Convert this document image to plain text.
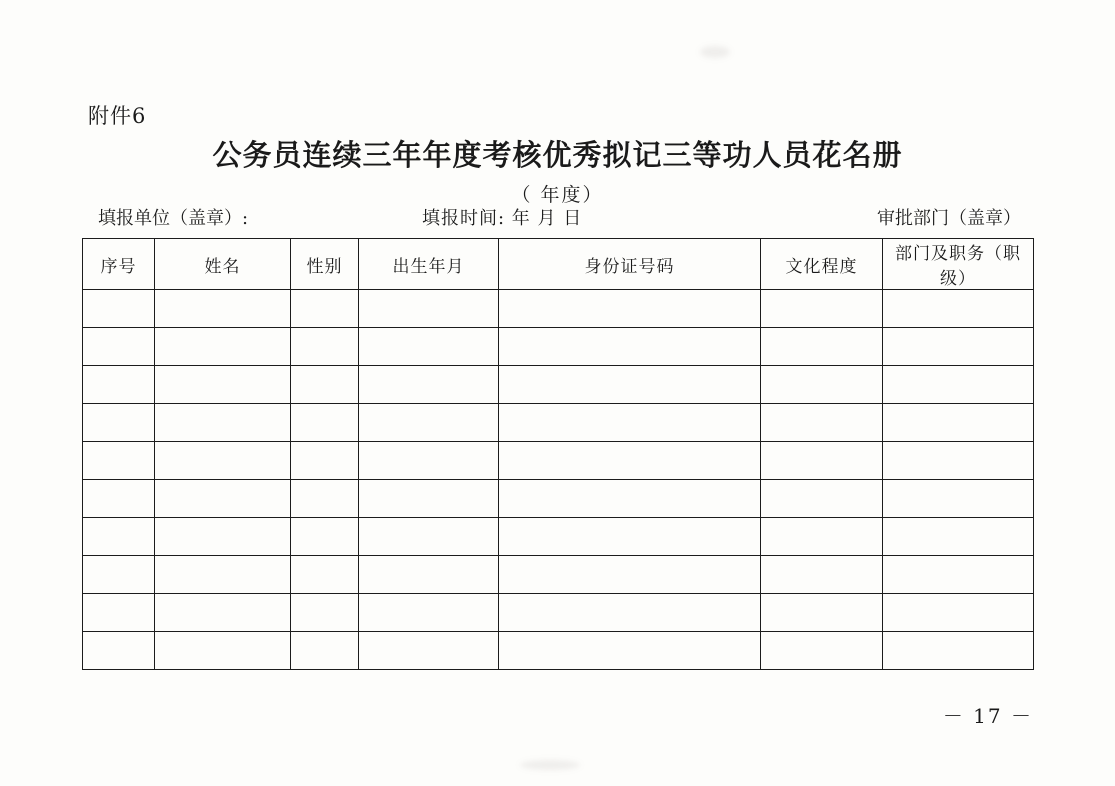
附件6
公务员连续三年年度考核优秀拟记三等功人员花名册
（ 年度）
填报单位（盖章）:	填报时间: 年 月 日	审批部门（盖章）
序号	姓名	性别	出生年月	身份证号码	文化程度	部门及职务（职级）

－ 17 －
